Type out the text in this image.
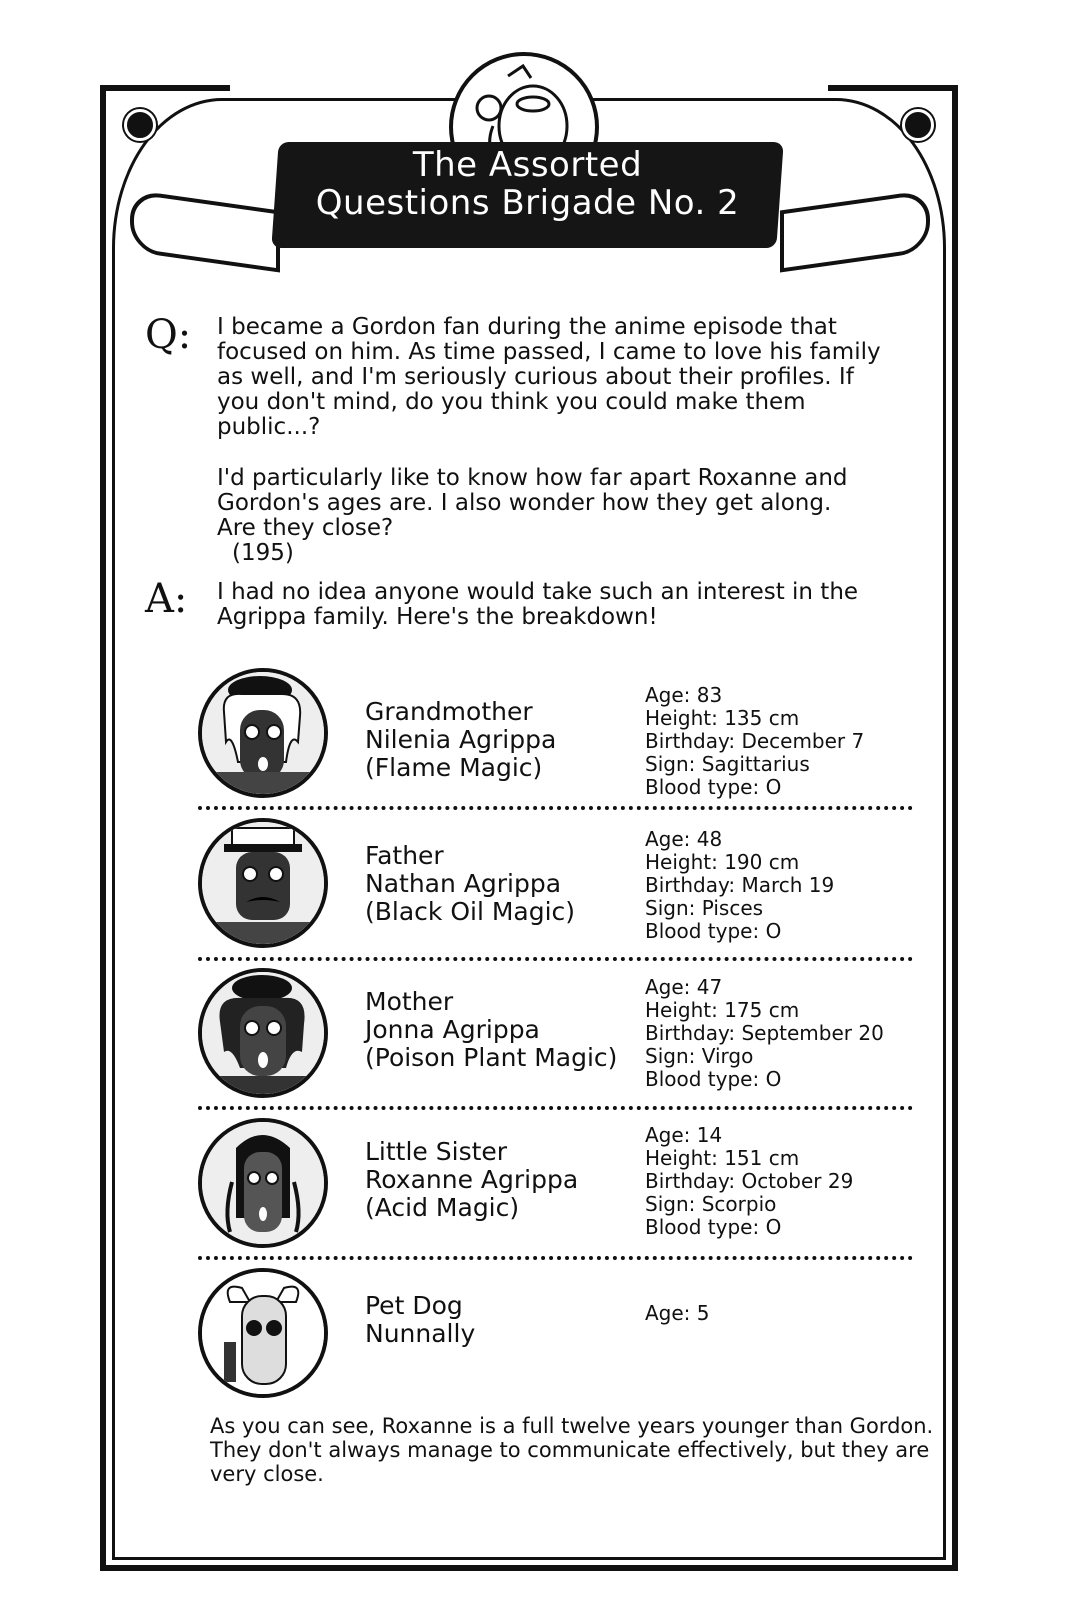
The Assorted
Questions Brigade No. 2
Q: I became a Gordon fan during the anime episode that
focused on him. As time passed, I came to love his family
as well, and I'm seriously curious about their profiles. If
you don't mind, do you think you could make them
public...?
I'd particularly like to know how far apart Roxanne and
Gordon's ages are. I also wonder how they get along.
Are they close?
(195)
A: I had no idea anyone would take such an interest in the
Agrippa family. Here's the breakdown!
Grandmother
Nilenia Agrippa
(Flame Magic)
Age: 83
Height: 135 cm
Birthday: December 7
Sign: Sagittarius
Blood type: O
Father
Nathan Agrippa
(Black Oil Magic)
Age: 48
Height: 190 cm
Birthday: March 19
Sign: Pisces
Blood type: O
Mother
Jonna Agrippa
(Poison Plant Magic)
Age: 47
Height: 175 cm
Birthday: September 20
Sign: Virgo
Blood type: O
Little Sister
Roxanne Agrippa
(Acid Magic)
Age: 14
Height: 151 cm
Birthday: October 29
Sign: Scorpio
Blood type: O
Pet Dog
Nunnally
Age: 5
As you can see, Roxanne is a full twelve years younger than Gordon.
They don't always manage to communicate effectively, but they are
very close.
